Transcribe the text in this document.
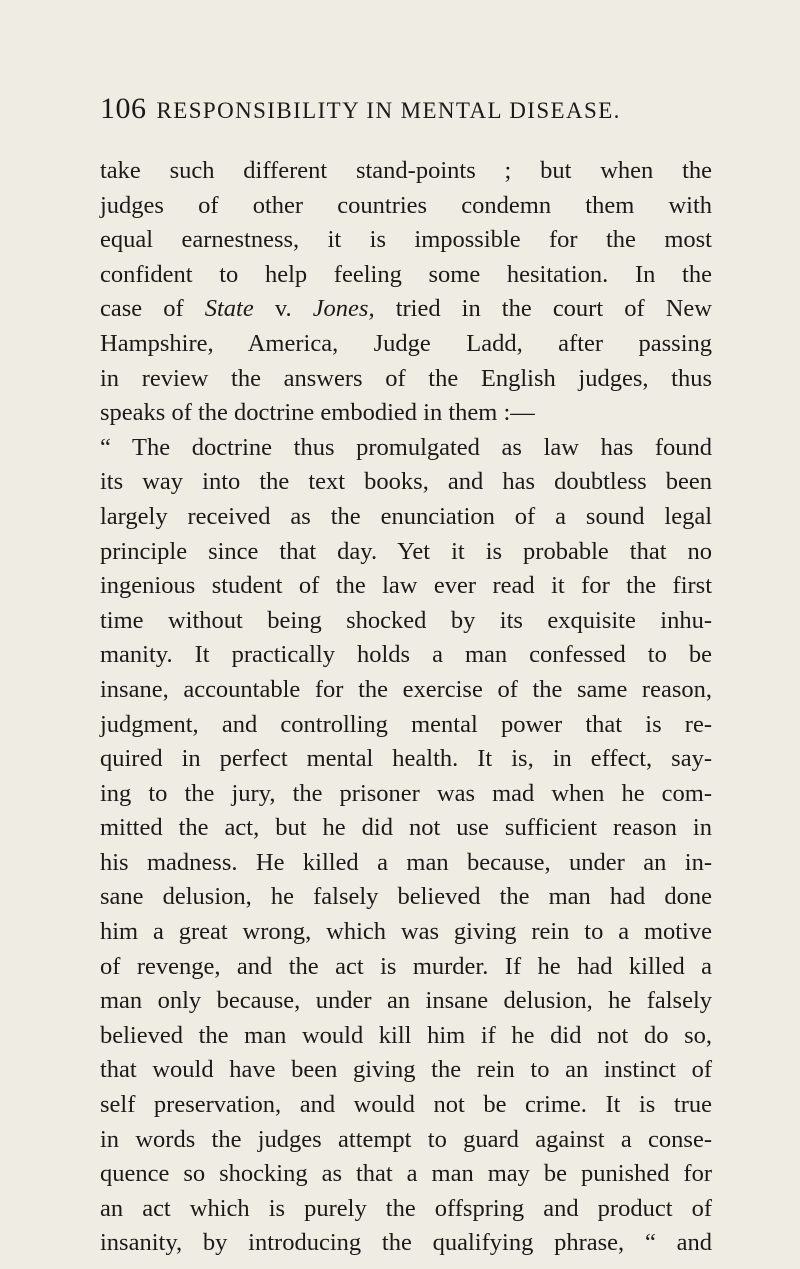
106 RESPONSIBILITY IN MENTAL DISEASE.

take such different stand-points ; but when the
judges of other countries condemn them with
equal earnestness, it is impossible for the most
confident to help feeling some hesitation. In the
case of State v. Jones, tried in the court of New
Hampshire, America, Judge Ladd, after passing
in review the answers of the English judges, thus
speaks of the doctrine embodied in them :—

“ The doctrine thus promulgated as law has found
its way into the text books, and has doubtless been
largely received as the enunciation of a sound legal
principle since that day. Yet it is probable that no
ingenious student of the law ever read it for the first
time without being shocked by its exquisite inhu-
manity. It practically holds a man confessed to be
insane, accountable for the exercise of the same reason,
judgment, and controlling mental power that is re-
quired in perfect mental health. It is, in effect, say-
ing to the jury, the prisoner was mad when he com-
mitted the act, but he did not use sufficient reason in
his madness. He killed a man because, under an in-
sane delusion, he falsely believed the man had done
him a great wrong, which was giving rein to a motive
of revenge, and the act is murder. If he had killed a
man only because, under an insane delusion, he falsely
believed the man would kill him if he did not do so,
that would have been giving the rein to an instinct of
self preservation, and would not be crime. It is true
in words the judges attempt to guard against a conse-
quence so shocking as that a man may be punished for
an act which is purely the offspring and product of
insanity, by introducing the qualifying phrase, “ and
